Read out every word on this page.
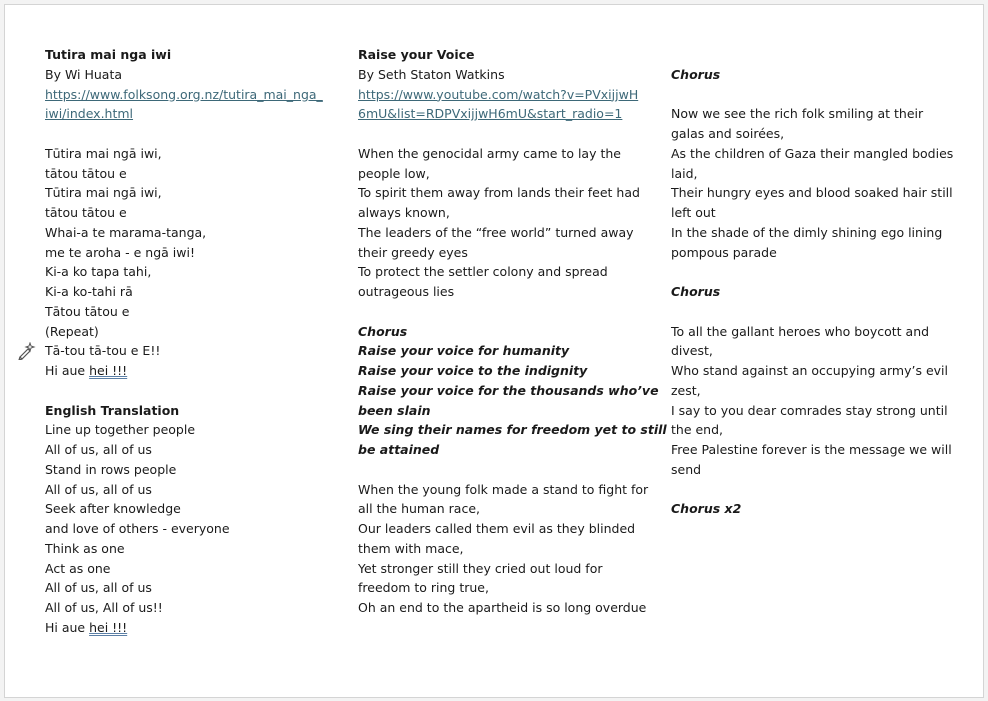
Tutira mai nga iwi
By Wi Huata
https://www.folksong.org.nz/tutira_mai_nga_
iwi/index.html
Tūtira mai ngā iwi,
tātou tātou e
Tūtira mai ngā iwi,
tātou tātou e
Whai-a te marama-tanga,
me te aroha - e ngā iwi!
Ki-a ko tapa tahi,
Ki-a ko-tahi rā
Tātou tātou e
(Repeat)
Tā-tou tā-tou e E!!
Hi aue hei !!!
English Translation
Line up together people
All of us, all of us
Stand in rows people
All of us, all of us
Seek after knowledge
and love of others - everyone
Think as one
Act as one
All of us, all of us
All of us, All of us!!
Hi aue hei !!!
Raise your Voice
By Seth Staton Watkins
https://www.youtube.com/watch?v=PVxijjwH
6mU&list=RDPVxijjwH6mU&start_radio=1
When the genocidal army came to lay the
people low,
To spirit them away from lands their feet had
always known,
The leaders of the “free world” turned away
their greedy eyes
To protect the settler colony and spread
outrageous lies
Chorus
Raise your voice for humanity
Raise your voice to the indignity
Raise your voice for the thousands who’ve
been slain
We sing their names for freedom yet to still
be attained
When the young folk made a stand to fight for
all the human race,
Our leaders called them evil as they blinded
them with mace,
Yet stronger still they cried out loud for
freedom to ring true,
Oh an end to the apartheid is so long overdue
Chorus
Now we see the rich folk smiling at their
galas and soirées,
As the children of Gaza their mangled bodies
laid,
Their hungry eyes and blood soaked hair still
left out
In the shade of the dimly shining ego lining
pompous parade
Chorus
To all the gallant heroes who boycott and
divest,
Who stand against an occupying army’s evil
zest,
I say to you dear comrades stay strong until
the end,
Free Palestine forever is the message we will
send
Chorus x2
